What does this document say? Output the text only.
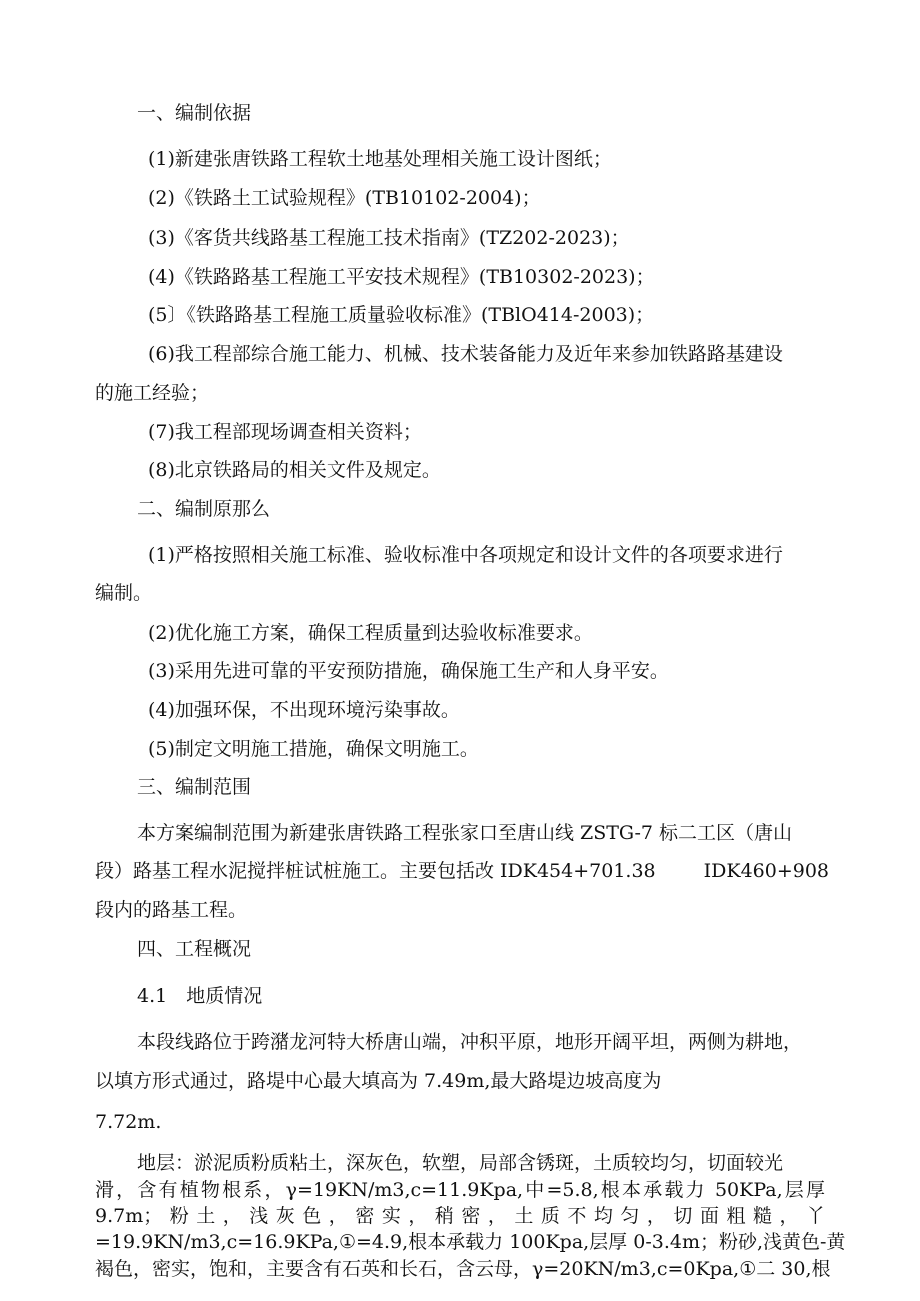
一、编制依据

(1)新建张唐铁路工程软土地基处理相关施工设计图纸；

(2)《铁路土工试验规程》(TB10102-2004)；

(3)《客货共线路基工程施工技术指南》(TZ202-2023)；

(4)《铁路路基工程施工平安技术规程》(TB10302-2023)；

(5〕《铁路路基工程施工质量验收标准》(TBlO414-2003)；

(6)我工程部综合施工能力、机械、技术装备能力及近年来参加铁路路基建设

的施工经验；

(7)我工程部现场调查相关资料；

(8)北京铁路局的相关文件及规定。

二、编制原那么

(1)严格按照相关施工标准、验收标准中各项规定和设计文件的各项要求进行

编制。

(2)优化施工方案，确保工程质量到达验收标准要求。

(3)采用先进可靠的平安预防措施，确保施工生产和人身平安。

(4)加强环保，不出现环境污染事故。

(5)制定文明施工措施，确保文明施工。

三、编制范围

本方案编制范围为新建张唐铁路工程张家口至唐山线 ZSTG-7 标二工区（唐山

段）路基工程水泥搅拌桩试桩施工。主要包括改 IDK454+701.38	IDK460+908

段内的路基工程。

四、工程概况

4.1　地质情况

本段线路位于跨潴龙河特大桥唐山端，冲积平原，地形开阔平坦，两侧为耕地，

以填方形式通过，路堤中心最大填高为 7.49m,最大路堤边坡高度为

7.72m.

地层：淤泥质粉质粘土，深灰色，软塑，局部含锈斑，土质较均匀，切面较光

滑，含有植物根系，γ=19KN∕m3,c=11.9Kpa,中=5.8,根本承载力 50KPa,层厚

9.7m；粉土，浅灰色，密实，稍密，土质不均匀，切面粗糙，丫

=19.9KN∕m3,c=16.9KPa,①=4.9,根本承载力 100Kpa,层厚 0-3.4m；粉砂,浅黄色-黄

褐色，密实，饱和，主要含有石英和长石，含云母，γ=20KN∕m3,c=0Kpa,①二 30,根
